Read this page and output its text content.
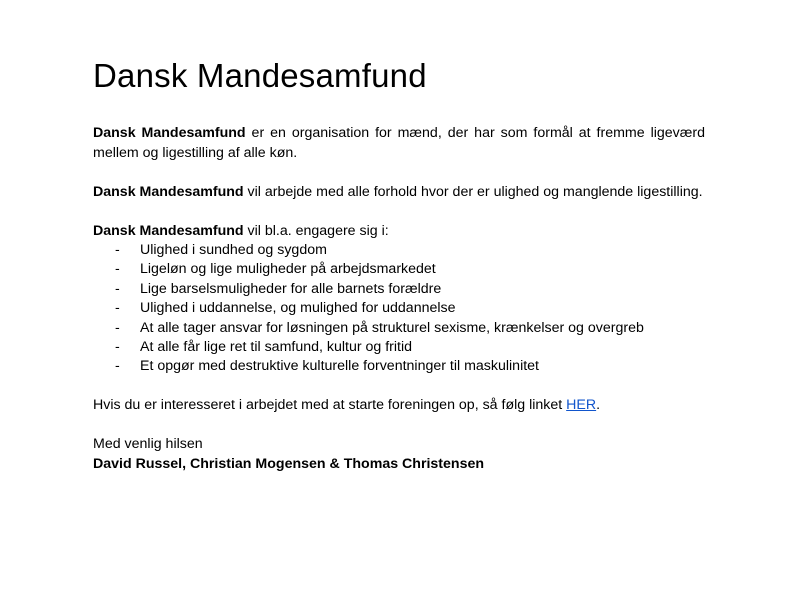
Dansk Mandesamfund

Dansk Mandesamfund er en organisation for mænd, der har som formål at fremme ligeværd mellem og ligestilling af alle køn.

Dansk Mandesamfund vil arbejde med alle forhold hvor der er ulighed og manglende ligestilling.

Dansk Mandesamfund vil bl.a. engagere sig i:

- Ulighed i sundhed og sygdom
- Ligeløn og lige muligheder på arbejdsmarkedet
- Lige barselsmuligheder for alle barnets forældre
- Ulighed i uddannelse, og mulighed for uddannelse
- At alle tager ansvar for løsningen på strukturel sexisme, krænkelser og overgreb
- At alle får lige ret til samfund, kultur og fritid
- Et opgør med destruktive kulturelle forventninger til maskulinitet

Hvis du er interesseret i arbejdet med at starte foreningen op, så følg linket HER.

Med venlig hilsen

David Russel, Christian Mogensen & Thomas Christensen
